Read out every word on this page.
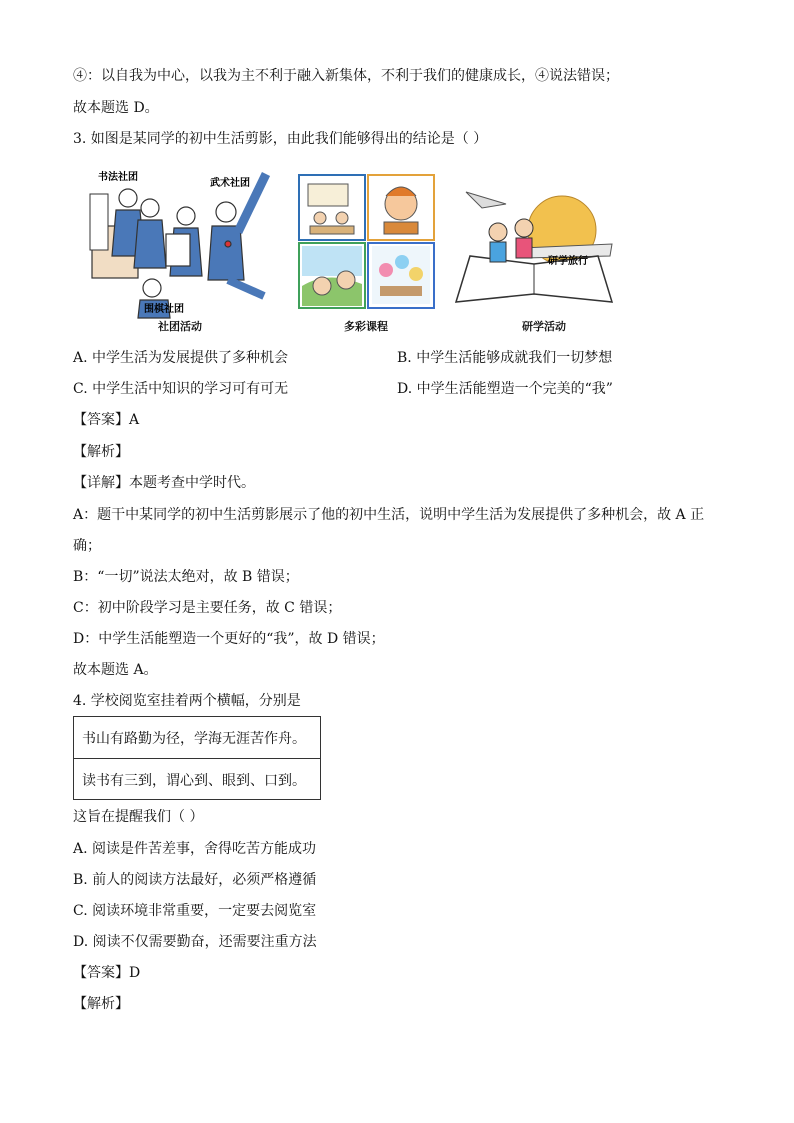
④：以自我为中心，以我为主不利于融入新集体，不利于我们的健康成长，④说法错误；
故本题选 D。
3. 如图是某同学的初中生活剪影，由此我们能够得出的结论是（ ）
书法社团
武术社团
围棋社团
社团活动	多彩课程
研学旅行
研学活动
A. 中学生活为发展提供了多种机会	B. 中学生活能够成就我们一切梦想
C. 中学生活中知识的学习可有可无	D. 中学生活能塑造一个完美的“我”
【答案】A
【解析】
【详解】本题考查中学时代。
A：题干中某同学的初中生活剪影展示了他的初中生活，说明中学生活为发展提供了多种机会，故 A 正
确；
B：“一切”说法太绝对，故 B 错误；
C：初中阶段学习是主要任务，故 C 错误；
D：中学生活能塑造一个更好的“我”，故 D 错误；
故本题选 A。
4. 学校阅览室挂着两个横幅，分别是
书山有路勤为径，学海无涯苦作舟。
读书有三到，谓心到、眼到、口到。
这旨在提醒我们（ ）
A. 阅读是件苦差事，舍得吃苦方能成功
B. 前人的阅读方法最好，必须严格遵循
C. 阅读环境非常重要，一定要去阅览室
D. 阅读不仅需要勤奋，还需要注重方法
【答案】D
【解析】
